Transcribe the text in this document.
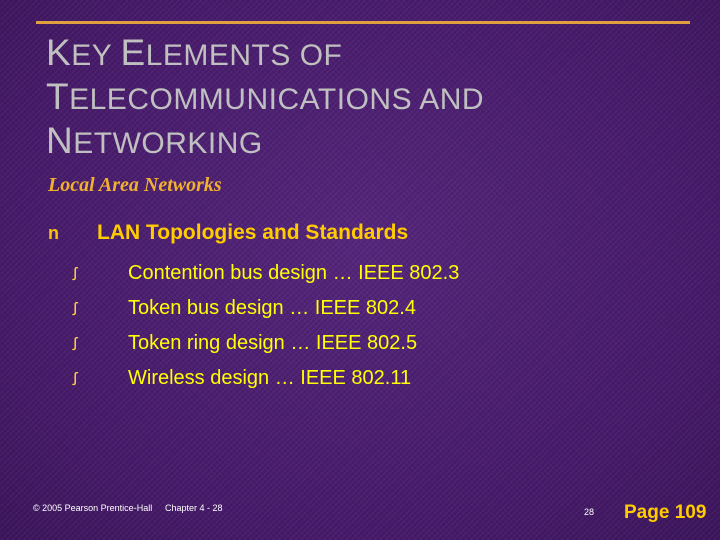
KEY ELEMENTS OF
TELECOMMUNICATIONS AND
NETWORKING
Local Area Networks
n LAN Topologies and Standards
ꭍ	Contention bus design … IEEE 802.3
ꭍ	Token bus design … IEEE 802.4
ꭍ	Token ring design … IEEE 802.5
ꭍ	Wireless design … IEEE 802.11
© 2005 Pearson Prentice-Hall Chapter 4 - 28	28 Page 109
